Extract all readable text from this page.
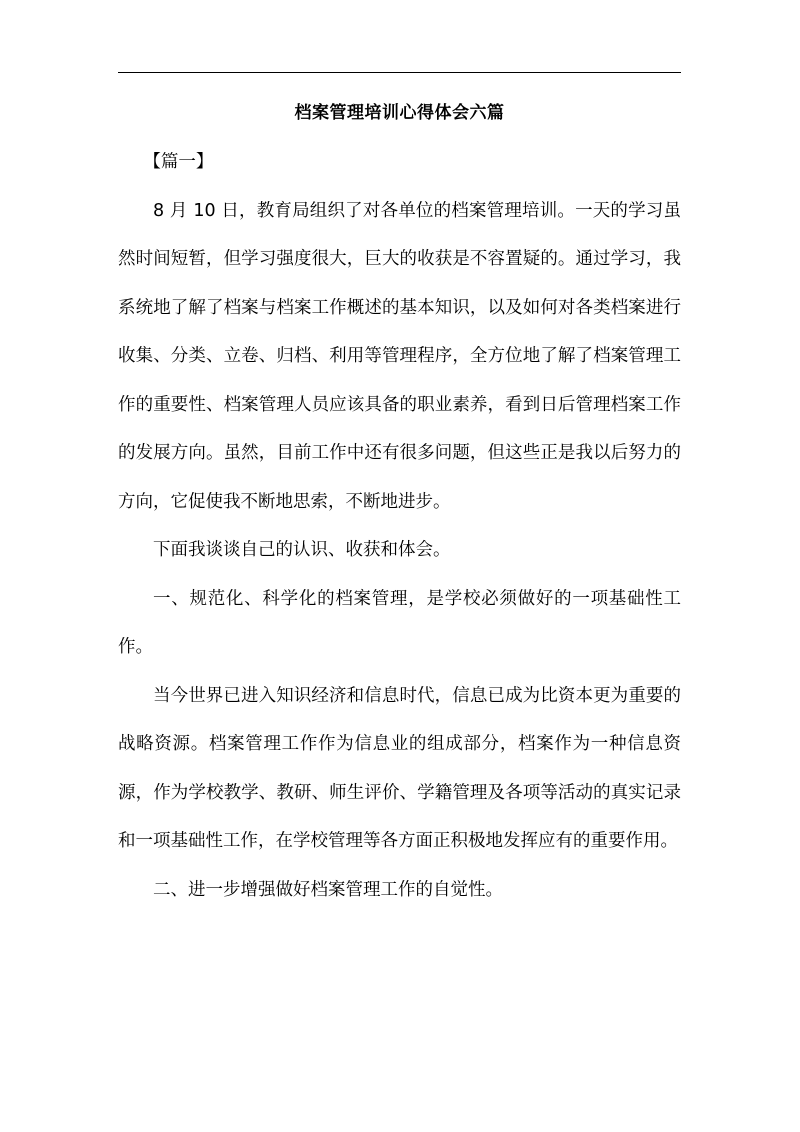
档案管理培训心得体会六篇

【篇一】

8 月 10 日，教育局组织了对各单位的档案管理培训。一天的学习虽然时间短暂，但学习强度很大，巨大的收获是不容置疑的。通过学习，我系统地了解了档案与档案工作概述的基本知识，以及如何对各类档案进行收集、分类、立卷、归档、利用等管理程序，全方位地了解了档案管理工作的重要性、档案管理人员应该具备的职业素养，看到日后管理档案工作的发展方向。虽然，目前工作中还有很多问题，但这些正是我以后努力的方向，它促使我不断地思索，不断地进步。

下面我谈谈自己的认识、收获和体会。

一、规范化、科学化的档案管理，是学校必须做好的一项基础性工作。

当今世界已进入知识经济和信息时代，信息已成为比资本更为重要的战略资源。档案管理工作作为信息业的组成部分，档案作为一种信息资源，作为学校教学、教研、师生评价、学籍管理及各项等活动的真实记录和一项基础性工作，在学校管理等各方面正积极地发挥应有的重要作用。

二、进一步增强做好档案管理工作的自觉性。
